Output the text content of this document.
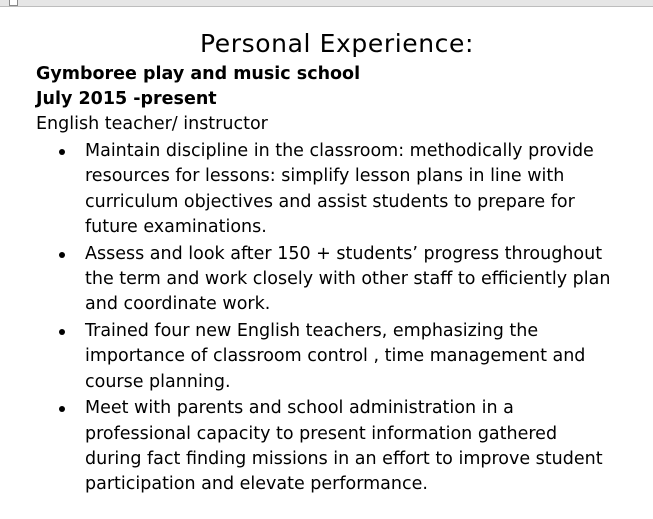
Personal Experience:
Gymboree play and music school
July 2015 -present
English teacher/ instructor
Maintain discipline in the classroom: methodically provide
resources for lessons: simplify lesson plans in line with
curriculum objectives and assist students to prepare for
future examinations.
Assess and look after 150 + students’ progress throughout
the term and work closely with other staff to efficiently plan
and coordinate work.
Trained four new English teachers, emphasizing the
importance of classroom control , time management and
course planning.
Meet with parents and school administration in a
professional capacity to present information gathered
during fact finding missions in an effort to improve student
participation and elevate performance.
